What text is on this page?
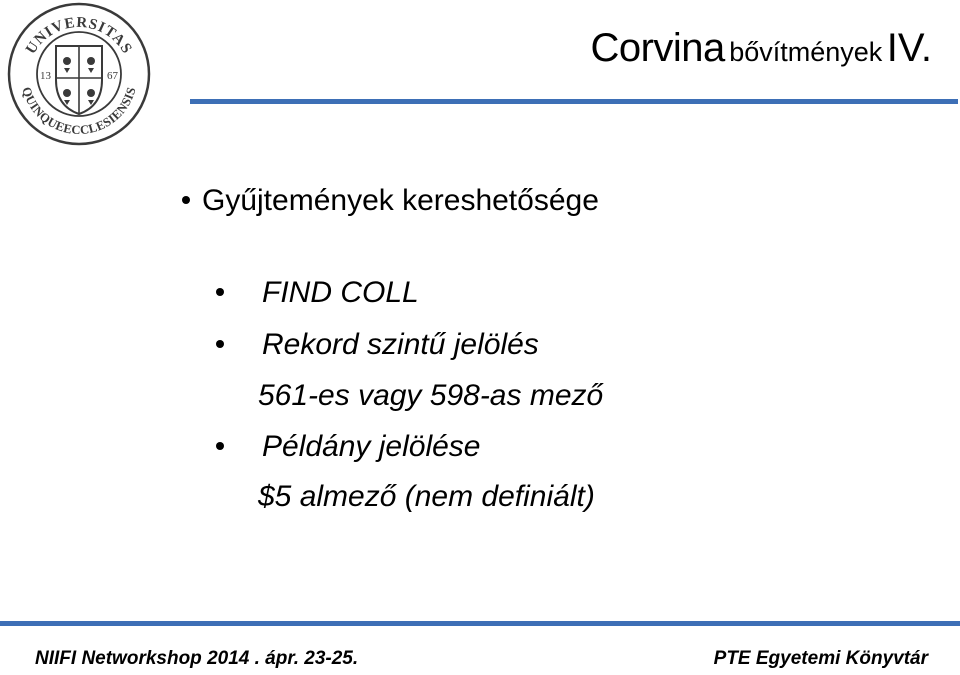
UNIVERSITAS
QUINQUEECCLESIENSIS
13	67
Corvina bővítmények IV.
Gyűjtemények kereshetősége
FIND COLL
Rekord szintű jelölés
561-es vagy 598-as mező
Példány jelölése
$5 almező (nem definiált)
NIIFI Networkshop 2014 . ápr. 23-25.	PTE Egyetemi Könyvtár
